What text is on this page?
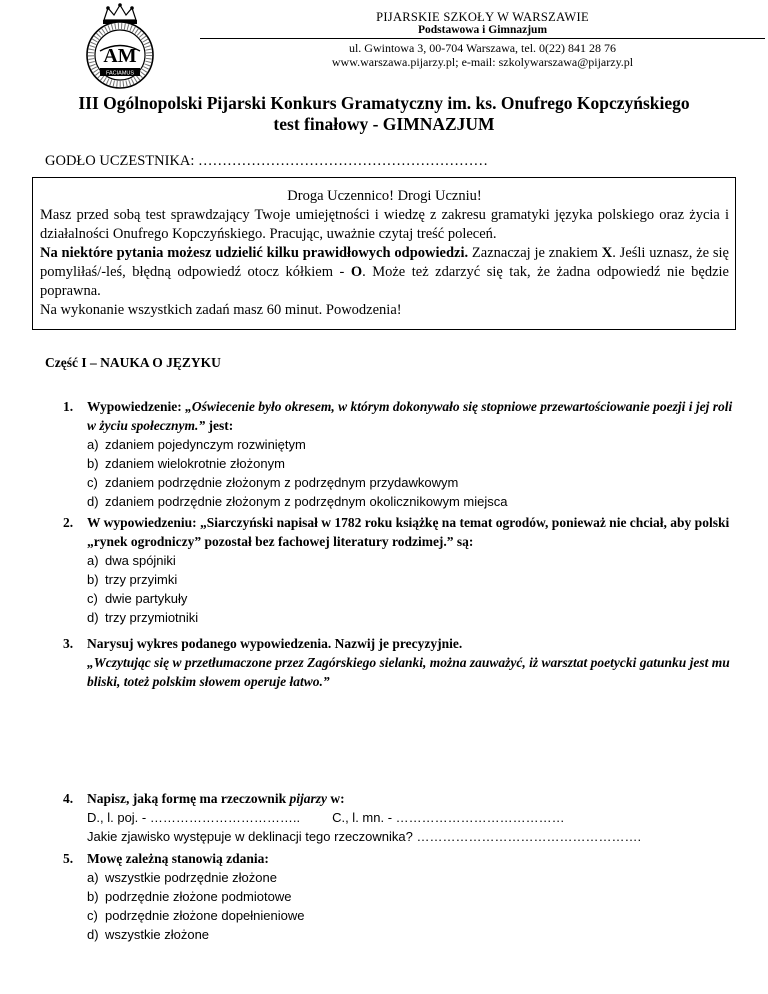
AM
FACIAMUS
PIJARSKIE SZKOŁY W WARSZAWIE
Podstawowa i Gimnazjum
ul. Gwintowa 3, 00-704 Warszawa, tel. 0(22) 841 28 76
www.warszawa.pijarzy.pl; e-mail: szkolywarszawa@pijarzy.pl
III Ogólnopolski Pijarski Konkurs Gramatyczny im. ks. Onufrego Kopczyńskiego
test finałowy - GIMNAZJUM
GODŁO UCZESTNIKA: ……………………………………………………

Droga Uczennico! Drogi Uczniu!

Masz przed sobą test sprawdzający Twoje umiejętności i wiedzę z zakresu gramatyki języka polskiego oraz życia i działalności Onufrego Kopczyńskiego. Pracując, uważnie czytaj treść poleceń.

Na niektóre pytania możesz udzielić kilku prawidłowych odpowiedzi. Zaznaczaj je znakiem X. Jeśli uznasz, że się pomyliłaś/-leś, błędną odpowiedź otocz kółkiem - O. Może też zdarzyć się tak, że żadna odpowiedź nie będzie poprawna.

Na wykonanie wszystkich zadań masz 60 minut. Powodzenia!

Część I – NAUKA O JĘZYKU
1. Wypowiedzenie: „Oświecenie było okresem, w którym dokonywało się stopniowe przewartościowanie poezji i jej roli w życiu społecznym.” jest:
a) zdaniem pojedynczym rozwiniętym
b) zdaniem wielokrotnie złożonym
c) zdaniem podrzędnie złożonym z podrzędnym przydawkowym
d) zdaniem podrzędnie złożonym z podrzędnym okolicznikowym miejsca
2. W wypowiedzeniu: „Siarczyński napisał w 1782 roku książkę na temat ogrodów, ponieważ nie chciał, aby polski „rynek ogrodniczy” pozostał bez fachowej literatury rodzimej.” są:
a) dwa spójniki
b) trzy przyimki
c) dwie partykuły
d) trzy przymiotniki
3. Narysuj wykres podanego wypowiedzenia. Nazwij je precyzyjnie.
„Wczytując się w przetłumaczone przez Zagórskiego sielanki, można zauważyć, iż warsztat poetycki gatunku jest mu bliski, toteż polskim słowem operuje łatwo.”
4. Napisz, jaką formę ma rzeczownik pijarzy w:
D., l. poj. - …………………………….. C., l. mn. - …………………………………
Jakie zjawisko występuje w deklinacji tego rzeczownika? …………………………………………….
5. Mowę zależną stanowią zdania:
a) wszystkie podrzędnie złożone
b) podrzędnie złożone podmiotowe
c) podrzędnie złożone dopełnieniowe
d) wszystkie złożone
